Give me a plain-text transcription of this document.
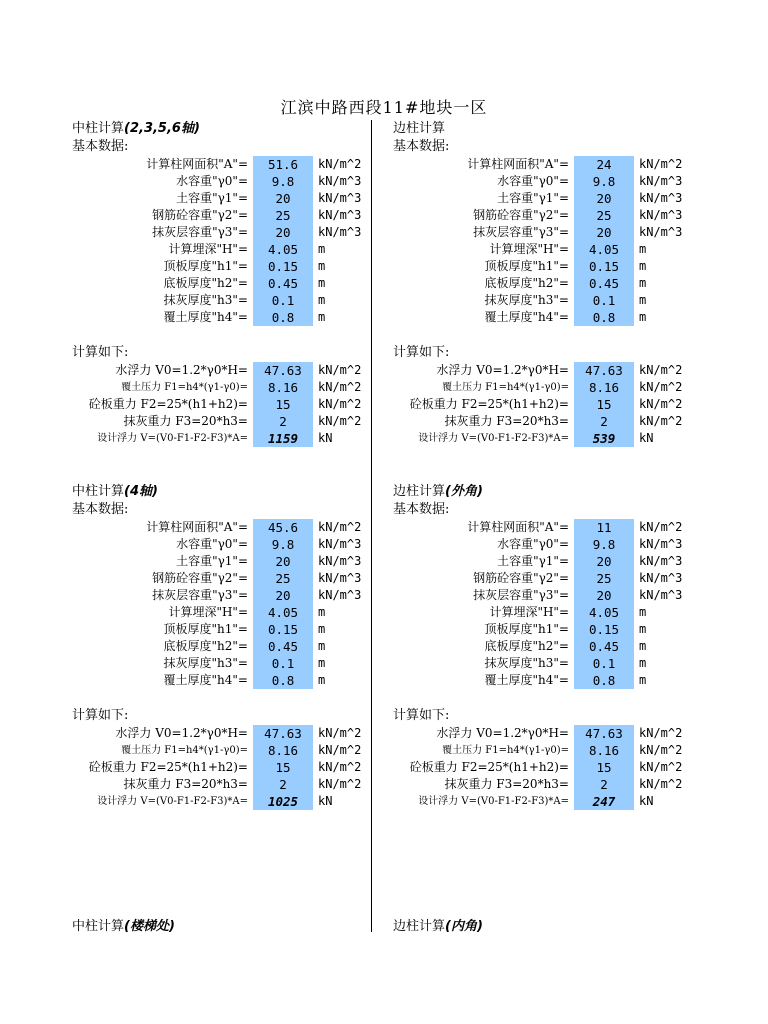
江滨中路西段11#地块一区
中柱计算(2,3,5,6轴)
基本数据:
计算柱网面积"A"=	51.6	kN/m^2
水容重"γ0"=	9.8	kN/m^3
土容重"γ1"=	20	kN/m^3
钢筋砼容重"γ2"=	25	kN/m^3
抹灰层容重"γ3"=	20	kN/m^3
计算埋深"H"=	4.05	m
顶板厚度"h1"=	0.15	m
底板厚度"h2"=	0.45	m
抹灰厚度"h3"=	0.1	m
覆土厚度"h4"=	0.8	m
计算如下:
水浮力 V0=1.2*γ0*H=	47.63	kN/m^2
覆土压力 F1=h4*(γ1-γ0)=	8.16	kN/m^2
砼板重力 F2=25*(h1+h2)=	15	kN/m^2
抹灰重力 F3=20*h3=	2	kN/m^2
设计浮力 V=(V0-F1-F2-F3)*A=	1159	kN
边柱计算
基本数据:
计算柱网面积"A"=	24	kN/m^2
水容重"γ0"=	9.8	kN/m^3
土容重"γ1"=	20	kN/m^3
钢筋砼容重"γ2"=	25	kN/m^3
抹灰层容重"γ3"=	20	kN/m^3
计算埋深"H"=	4.05	m
顶板厚度"h1"=	0.15	m
底板厚度"h2"=	0.45	m
抹灰厚度"h3"=	0.1	m
覆土厚度"h4"=	0.8	m
计算如下:
水浮力 V0=1.2*γ0*H=	47.63	kN/m^2
覆土压力 F1=h4*(γ1-γ0)=	8.16	kN/m^2
砼板重力 F2=25*(h1+h2)=	15	kN/m^2
抹灰重力 F3=20*h3=	2	kN/m^2
设计浮力 V=(V0-F1-F2-F3)*A=	539	kN
中柱计算(4轴)
基本数据:
计算柱网面积"A"=	45.6	kN/m^2
水容重"γ0"=	9.8	kN/m^3
土容重"γ1"=	20	kN/m^3
钢筋砼容重"γ2"=	25	kN/m^3
抹灰层容重"γ3"=	20	kN/m^3
计算埋深"H"=	4.05	m
顶板厚度"h1"=	0.15	m
底板厚度"h2"=	0.45	m
抹灰厚度"h3"=	0.1	m
覆土厚度"h4"=	0.8	m
计算如下:
水浮力 V0=1.2*γ0*H=	47.63	kN/m^2
覆土压力 F1=h4*(γ1-γ0)=	8.16	kN/m^2
砼板重力 F2=25*(h1+h2)=	15	kN/m^2
抹灰重力 F3=20*h3=	2	kN/m^2
设计浮力 V=(V0-F1-F2-F3)*A=	1025	kN
边柱计算(外角)
基本数据:
计算柱网面积"A"=	11	kN/m^2
水容重"γ0"=	9.8	kN/m^3
土容重"γ1"=	20	kN/m^3
钢筋砼容重"γ2"=	25	kN/m^3
抹灰层容重"γ3"=	20	kN/m^3
计算埋深"H"=	4.05	m
顶板厚度"h1"=	0.15	m
底板厚度"h2"=	0.45	m
抹灰厚度"h3"=	0.1	m
覆土厚度"h4"=	0.8	m
计算如下:
水浮力 V0=1.2*γ0*H=	47.63	kN/m^2
覆土压力 F1=h4*(γ1-γ0)=	8.16	kN/m^2
砼板重力 F2=25*(h1+h2)=	15	kN/m^2
抹灰重力 F3=20*h3=	2	kN/m^2
设计浮力 V=(V0-F1-F2-F3)*A=	247	kN
中柱计算(楼梯处)	边柱计算(内角)
